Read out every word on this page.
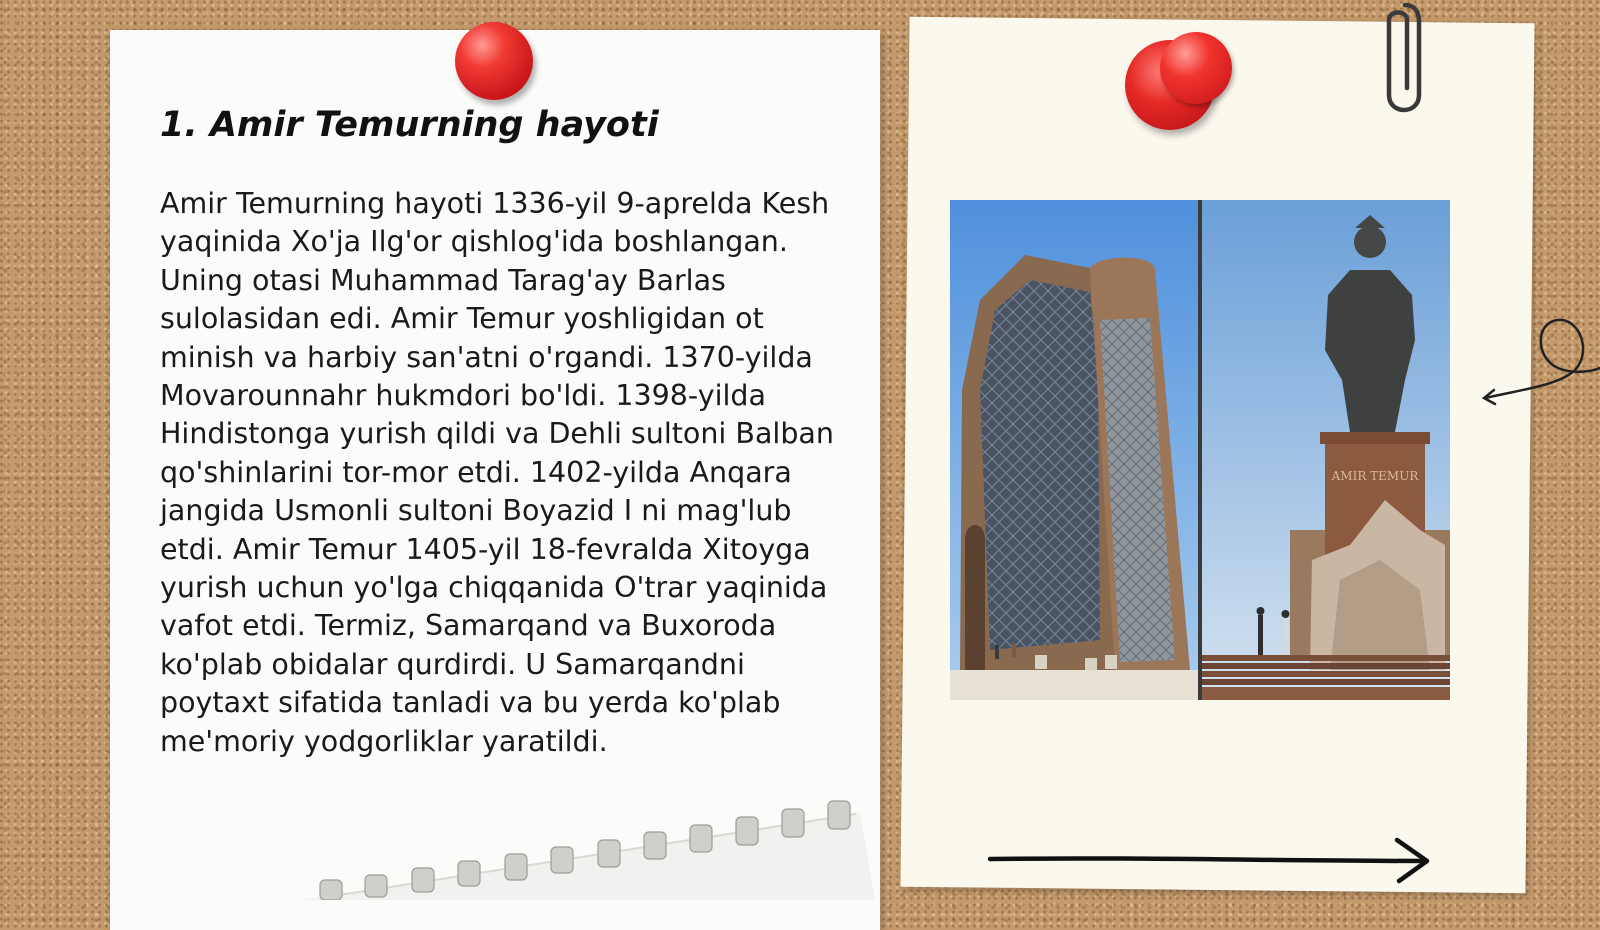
1. Amir Temurning hayoti

Amir Temurning hayoti 1336-yil 9-aprelda Kesh yaqinida Xo'ja Ilg'or qishlog'ida boshlangan. Uning otasi Muhammad Tarag'ay Barlas sulolasidan edi. Amir Temur yoshligidan ot minish va harbiy san'atni o'rgandi. 1370-yilda Movarounnahr hukmdori bo'ldi. 1398-yilda Hindistonga yurish qildi va Dehli sultoni Balban qo'shinlarini tor-mor etdi. 1402-yilda Anqara jangida Usmonli sultoni Boyazid I ni mag'lub etdi. Amir Temur 1405-yil 18-fevralda Xitoyga yurish uchun yo'lga chiqqanida O'trar yaqinida vafot etdi. Termiz, Samarqand va Buxoroda ko'plab obidalar qurdirdi. U Samarqandni poytaxt sifatida tanladi va bu yerda ko'plab me'moriy yodgorliklar yaratildi.

AMIR TEMUR
